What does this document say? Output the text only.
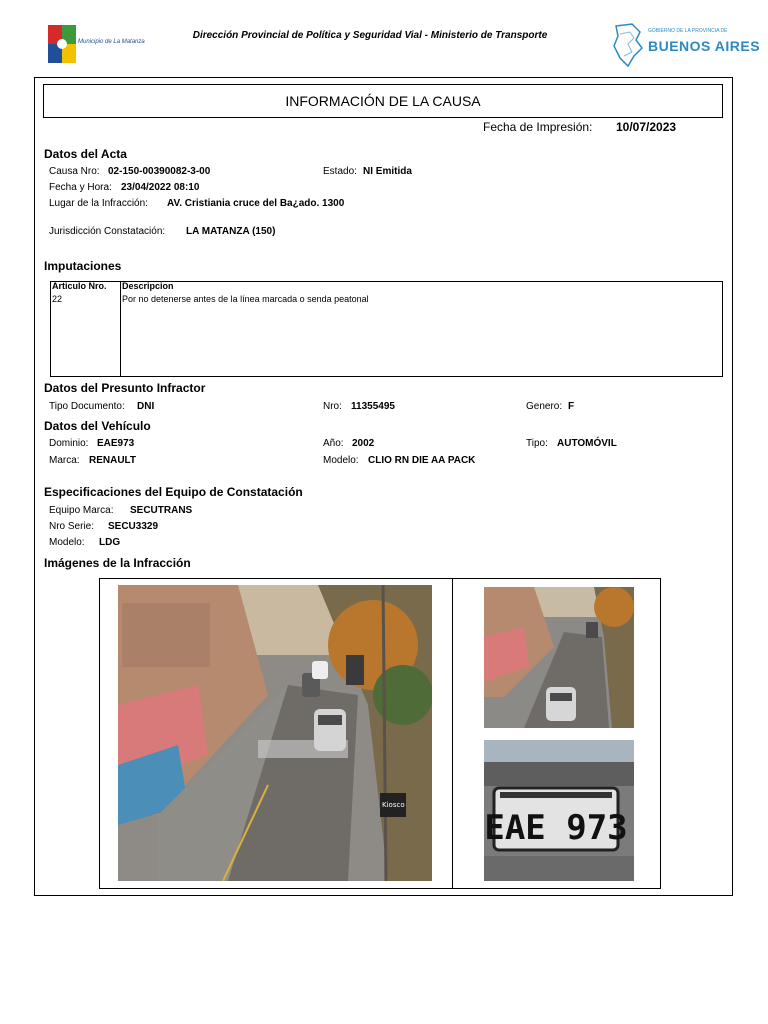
Municipio de La Matanza
Dirección Provincial de Política y Seguridad Vial - Ministerio de Transporte	GOBIERNO DE LA PROVINCIA DE
BUENOS AIRES
INFORMACIÓN DE LA CAUSA
Fecha de Impresión: 10/07/2023
Datos del Acta
Causa Nro: 02-150-00390082-3-00	Estado: NI Emitida
Fecha y Hora: 23/04/2022 08:10
Lugar de la Infracción: AV. Cristiania cruce del Ba¿ado. 1300
Jurisdicción Constatación: LA MATANZA (150)
Imputaciones
Articulo Nro. Descripcion
22	Por no detenerse antes de la línea marcada o senda peatonal
Datos del Presunto Infractor
Tipo Documento: DNI	Nro: 11355495	Genero: F
Datos del Vehículo
Dominio: EAE973	Año: 2002	Tipo: AUTOMÓVIL
Marca: RENAULT	Modelo: CLIO RN DIE AA PACK
Especificaciones del Equipo de Constatación
Equipo Marca: SECUTRANS
Nro Serie: SECU3329
Modelo: LDG
Imágenes de la Infracción
Kiosco
EAE 973
